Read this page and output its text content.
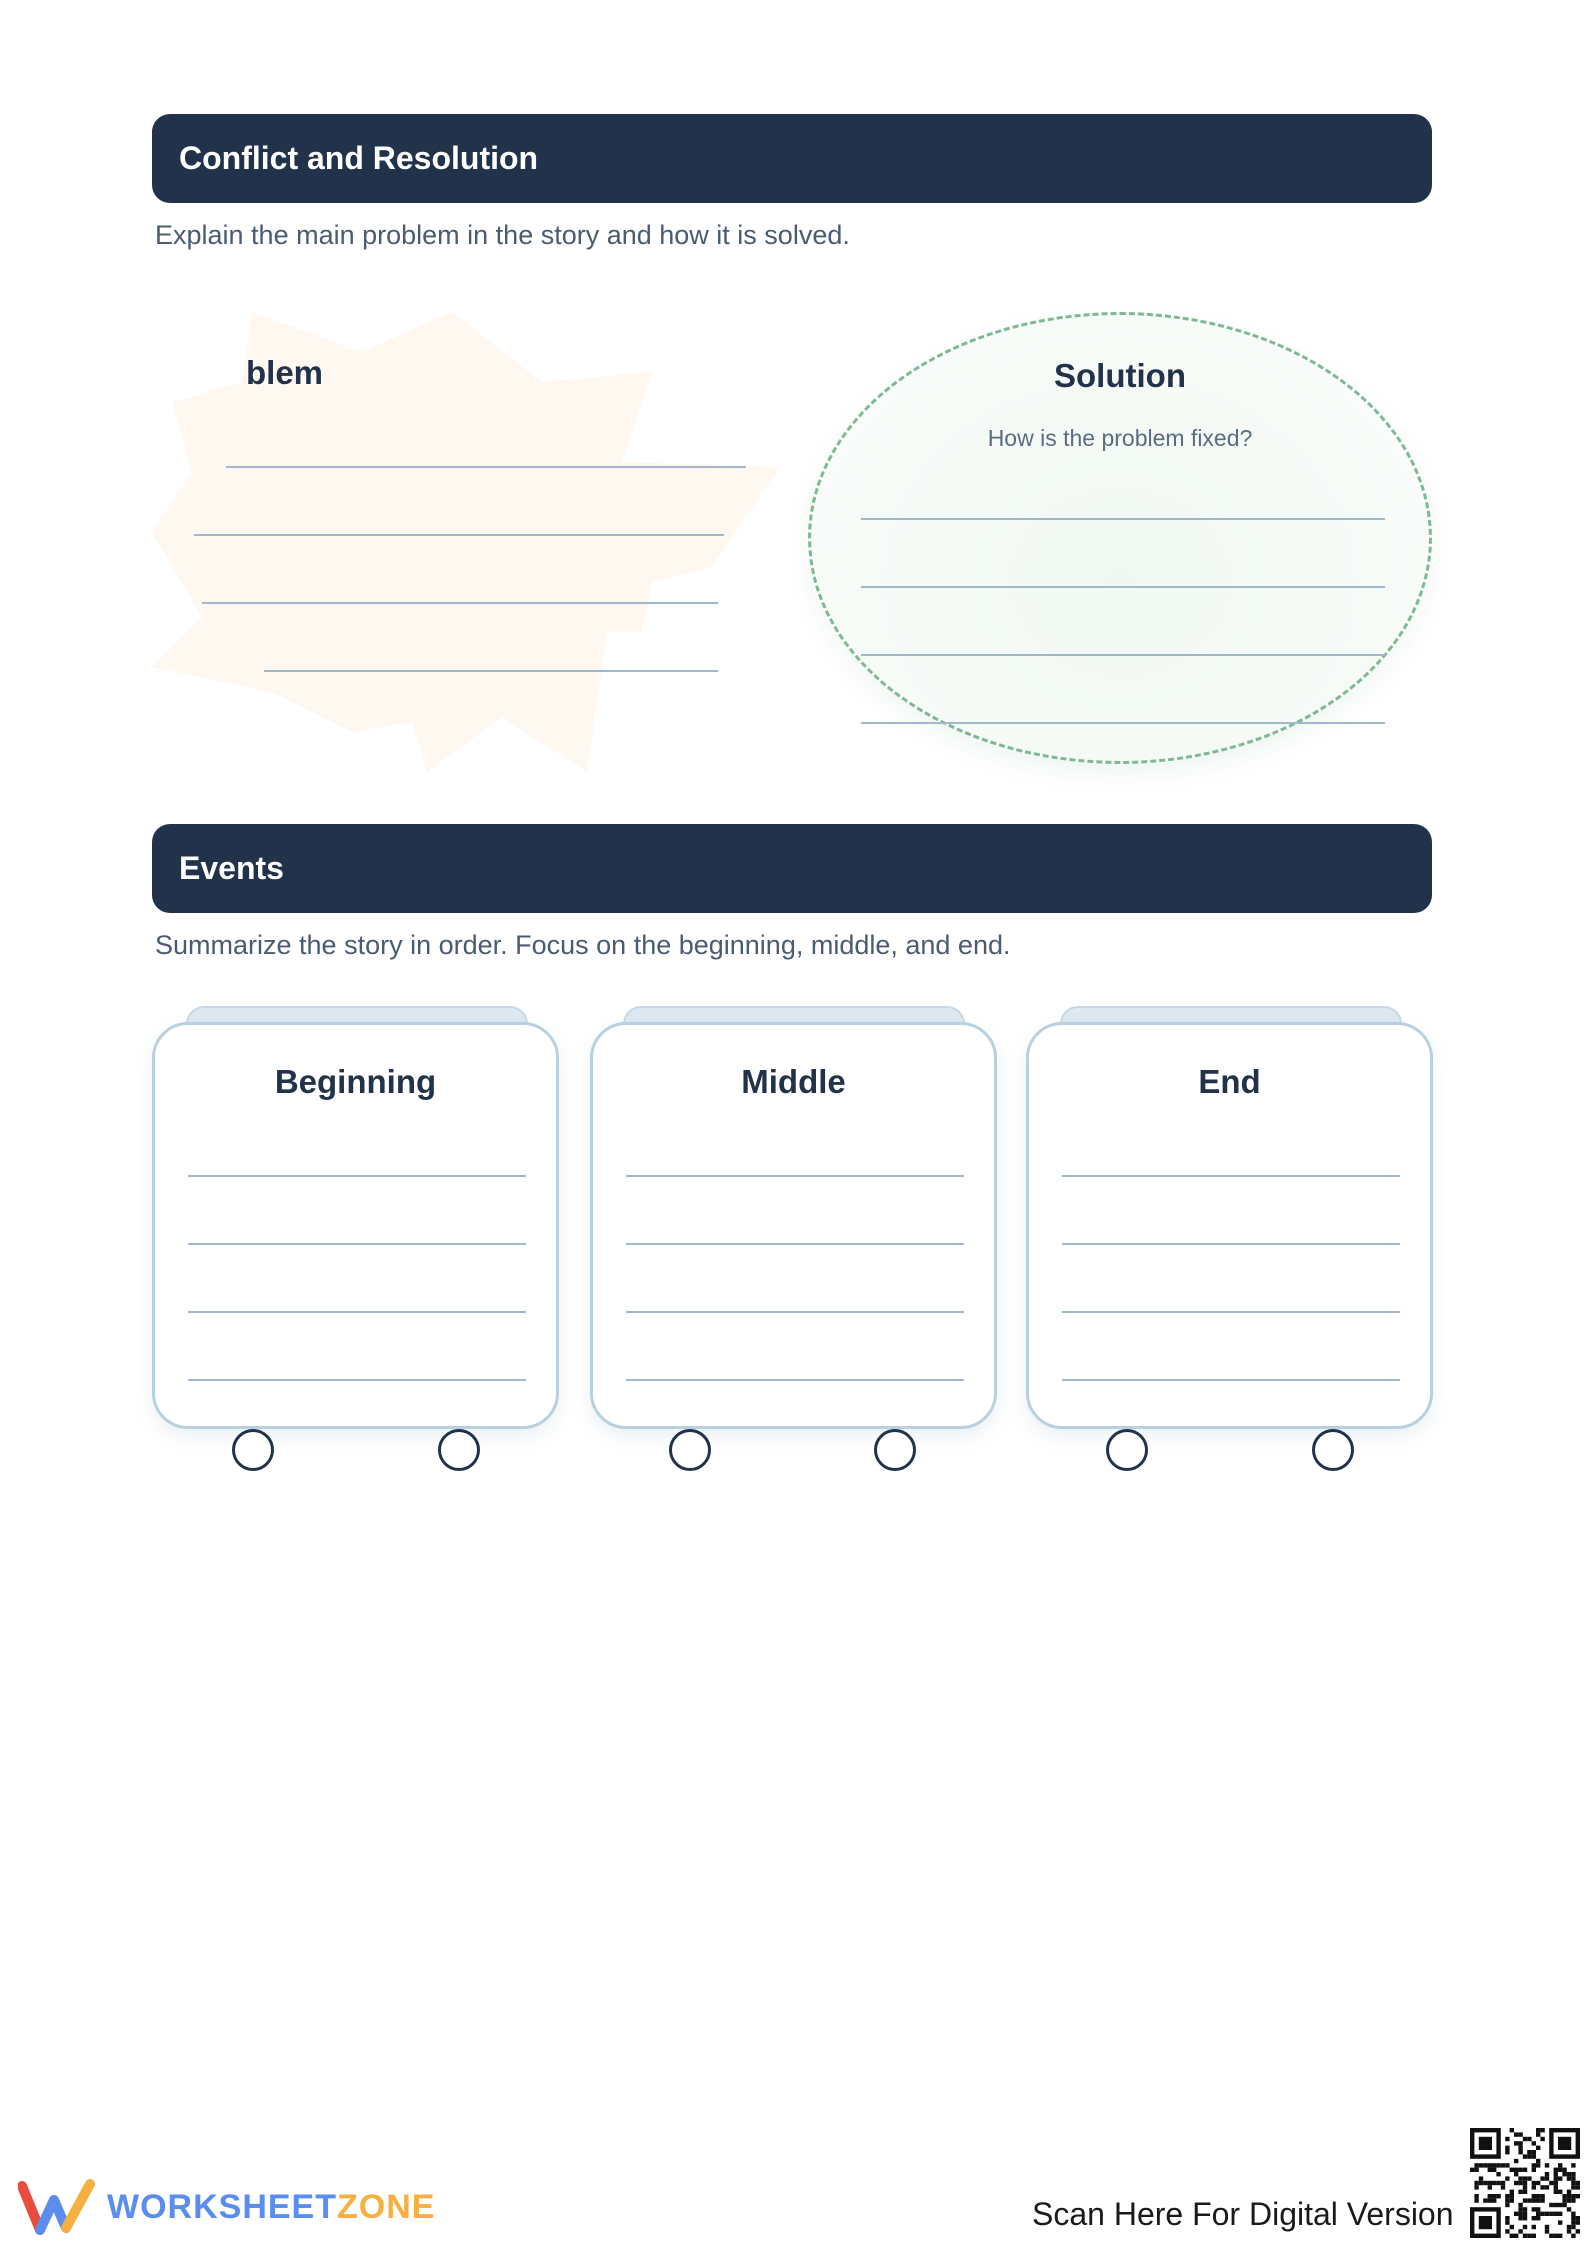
Conflict and Resolution
Explain the main problem in the story and how it is solved.
blem	Solution
How is the problem fixed?
Events
Summarize the story in order. Focus on the beginning, middle, and end.
Beginning	Middle	End
WORKSHEETZONE	Scan Here For Digital Version
